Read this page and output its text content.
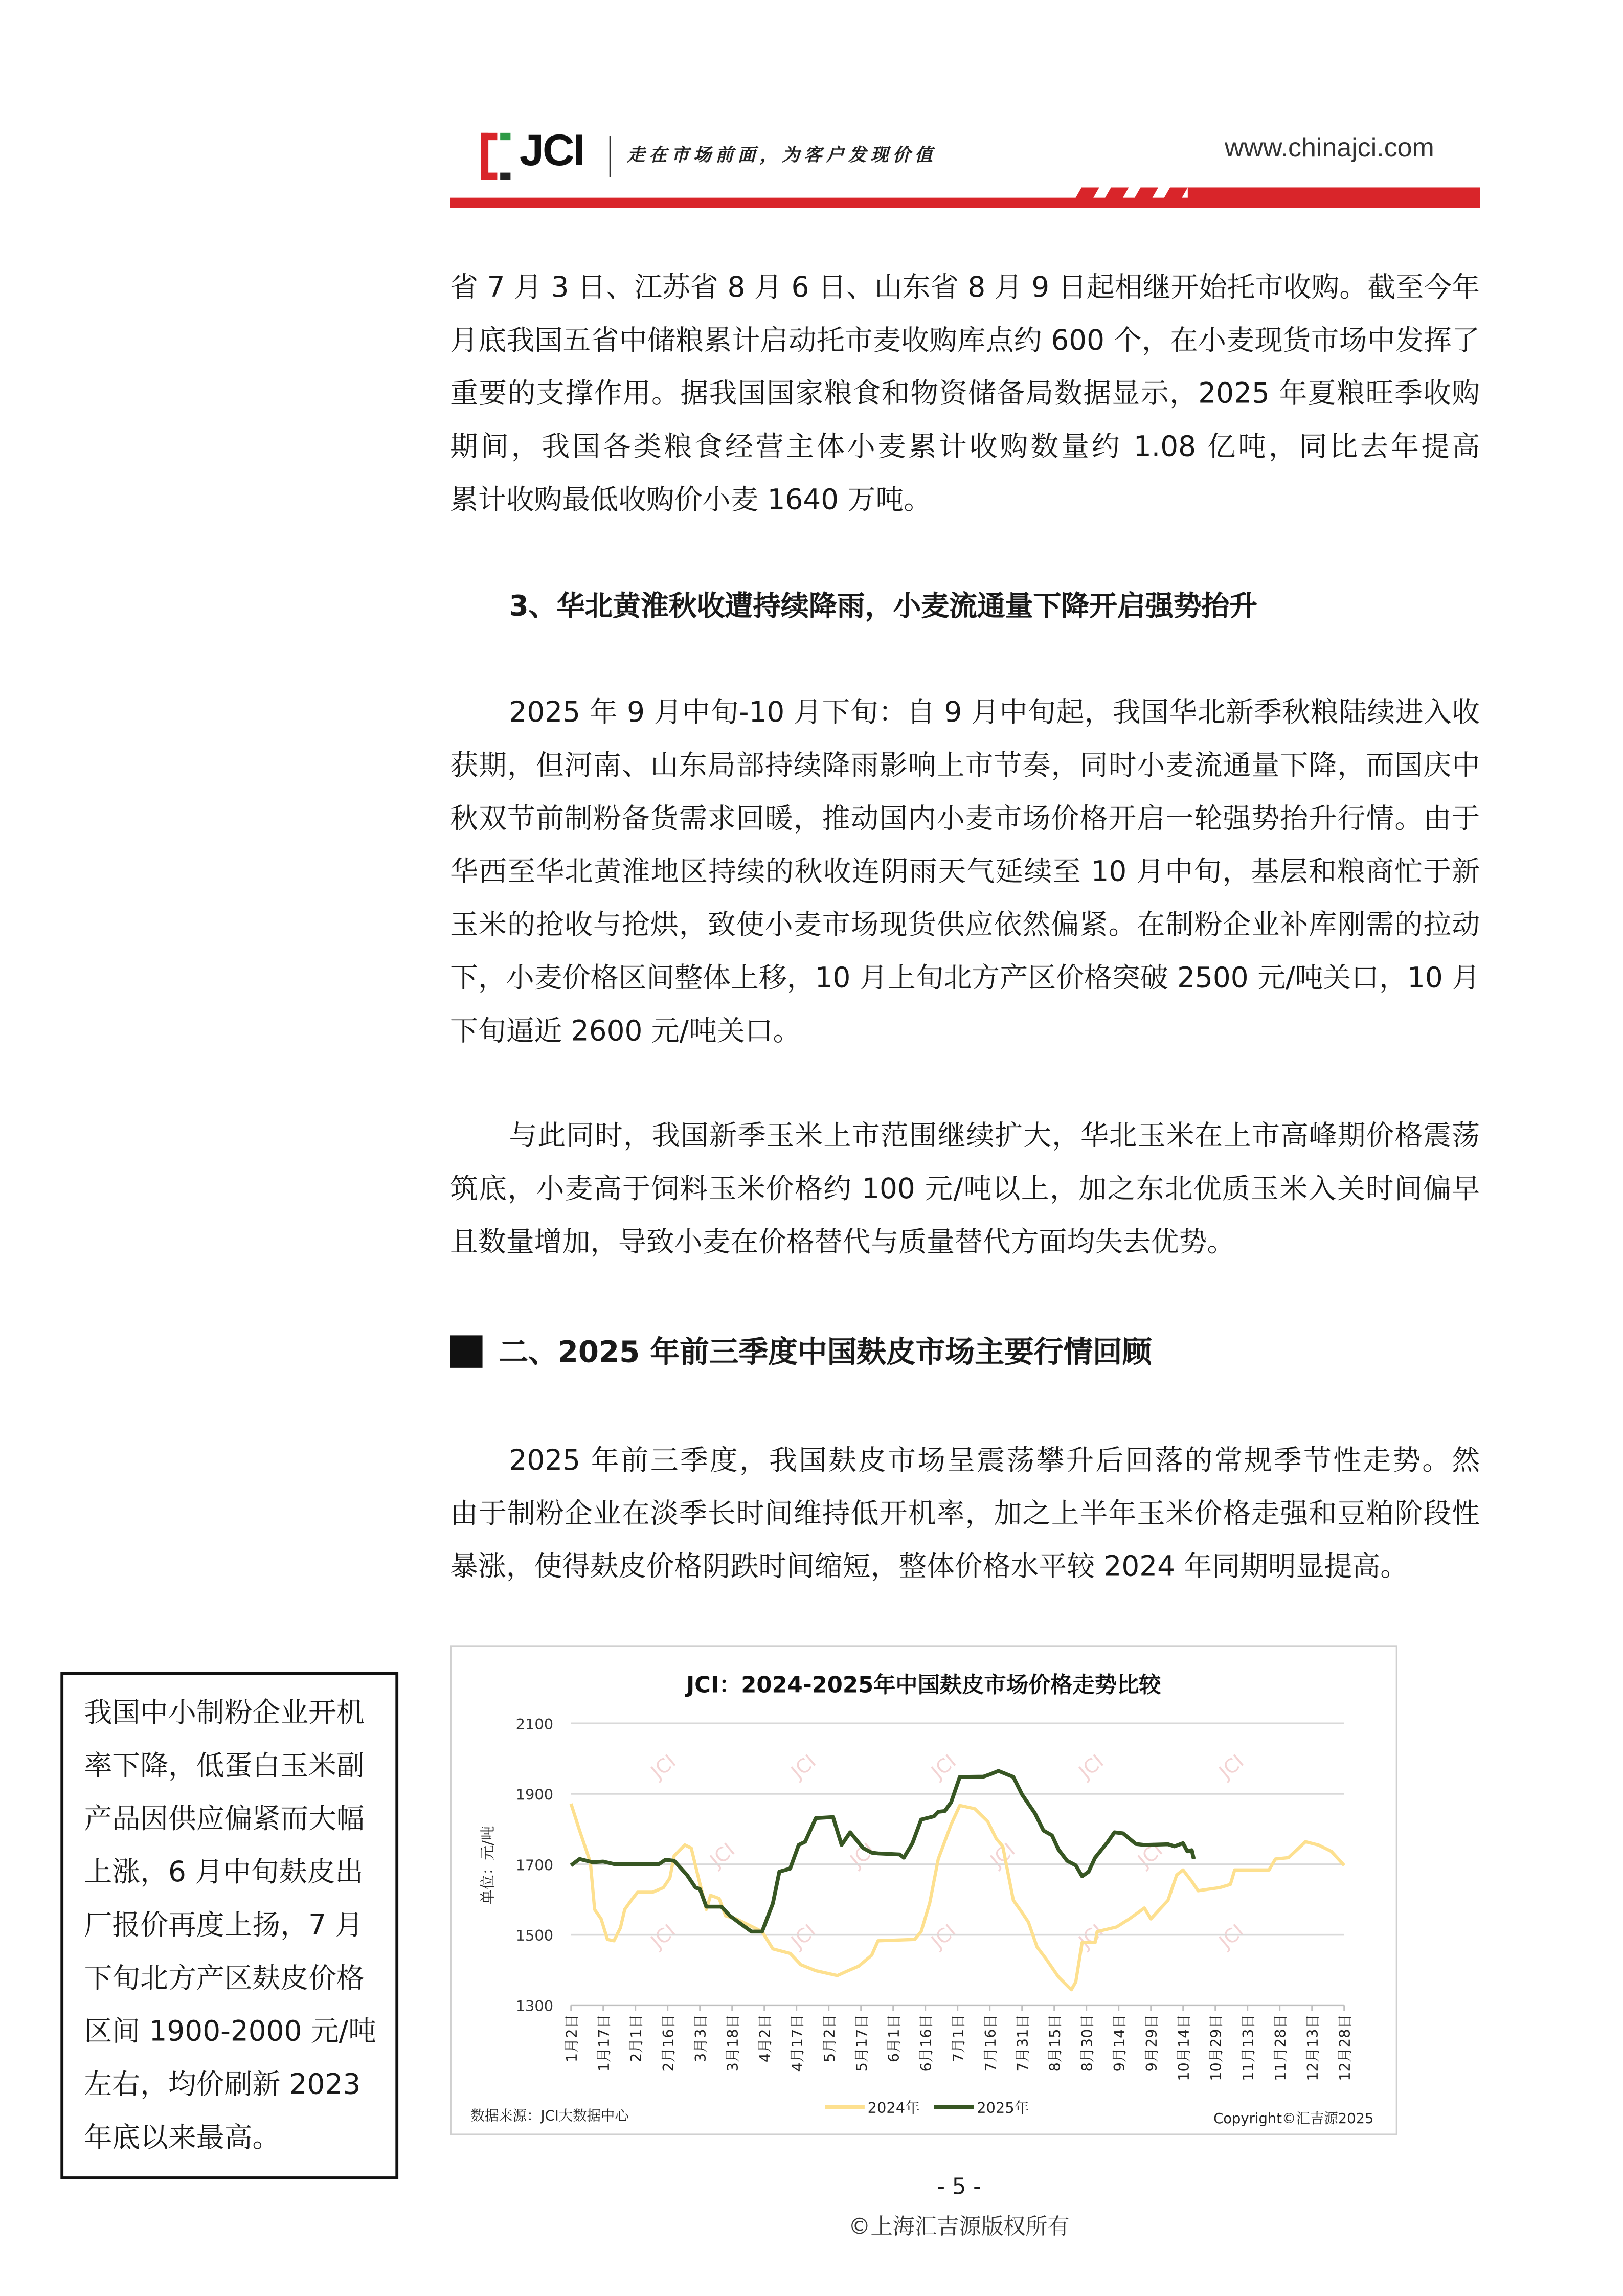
JCI	走在市场前面，为客户发现价值	www.chinajci.com
省 7 月 3 日、江苏省 8 月 6 日、山东省 8 月 9 日起相继开始托市收购。截至今年
月底我国五省中储粮累计启动托市麦收购库点约 600 个，在小麦现货市场中发挥了
重要的支撑作用。据我国国家粮食和物资储备局数据显示，2025 年夏粮旺季收购
期间，我国各类粮食经营主体小麦累计收购数量约 1.08 亿吨，同比去年提高
累计收购最低收购价小麦 1640 万吨。
2025 年 9 月中旬-10 月下旬：自 9 月中旬起，我国华北新季秋粮陆续进入收
获期，但河南、山东局部持续降雨影响上市节奏，同时小麦流通量下降，而国庆中
秋双节前制粉备货需求回暖，推动国内小麦市场价格开启一轮强势抬升行情。由于
华西至华北黄淮地区持续的秋收连阴雨天气延续至 10 月中旬，基层和粮商忙于新
玉米的抢收与抢烘，致使小麦市场现货供应依然偏紧。在制粉企业补库刚需的拉动
下，小麦价格区间整体上移，10 月上旬北方产区价格突破 2500 元/吨关口，10 月
下旬逼近 2600 元/吨关口。
与此同时，我国新季玉米上市范围继续扩大，华北玉米在上市高峰期价格震荡
筑底，小麦高于饲料玉米价格约 100 元/吨以上，加之东北优质玉米入关时间偏早
且数量增加，导致小麦在价格替代与质量替代方面均失去优势。
2025 年前三季度，我国麸皮市场呈震荡攀升后回落的常规季节性走势。然
由于制粉企业在淡季长时间维持低开机率，加之上半年玉米价格走强和豆粕阶段性
暴涨，使得麸皮价格阴跌时间缩短，整体价格水平较 2024 年同期明显提高。
3、华北黄淮秋收遭持续降雨，小麦流通量下降开启强势抬升
二、2025 年前三季度中国麸皮市场主要行情回顾
JCI：2024-2025年中国麸皮市场价格走势比较
JCI	JCI	JCI	JCI	JCI
JCI	JCI	JCI	JCI
JCI	JCI	JCI	JCI	JCI
1300
1500
1700
1900
2100
单位：元/吨
1月2日	1月17日	2月1日	2月16日	3月3日	3月18日	4月2日	4月17日	5月2日	5月17日	6月1日	6月16日	7月1日	7月16日	7月31日	8月15日	8月30日	9月14日	9月29日	10月14日	10月29日	11月13日	11月28日	12月13日	12月28日
2024年	2025年
数据来源：JCI大数据中心	Copyright©汇吉源2025
我国中小制粉企业开机
率下降，低蛋白玉米副
产品因供应偏紧而大幅
上涨，6 月中旬麸皮出
厂报价再度上扬，7 月
下旬北方产区麸皮价格
区间 1900-2000 元/吨
左右，均价刷新 2023
年底以来最高。
- 5 -
©上海汇吉源版权所有
